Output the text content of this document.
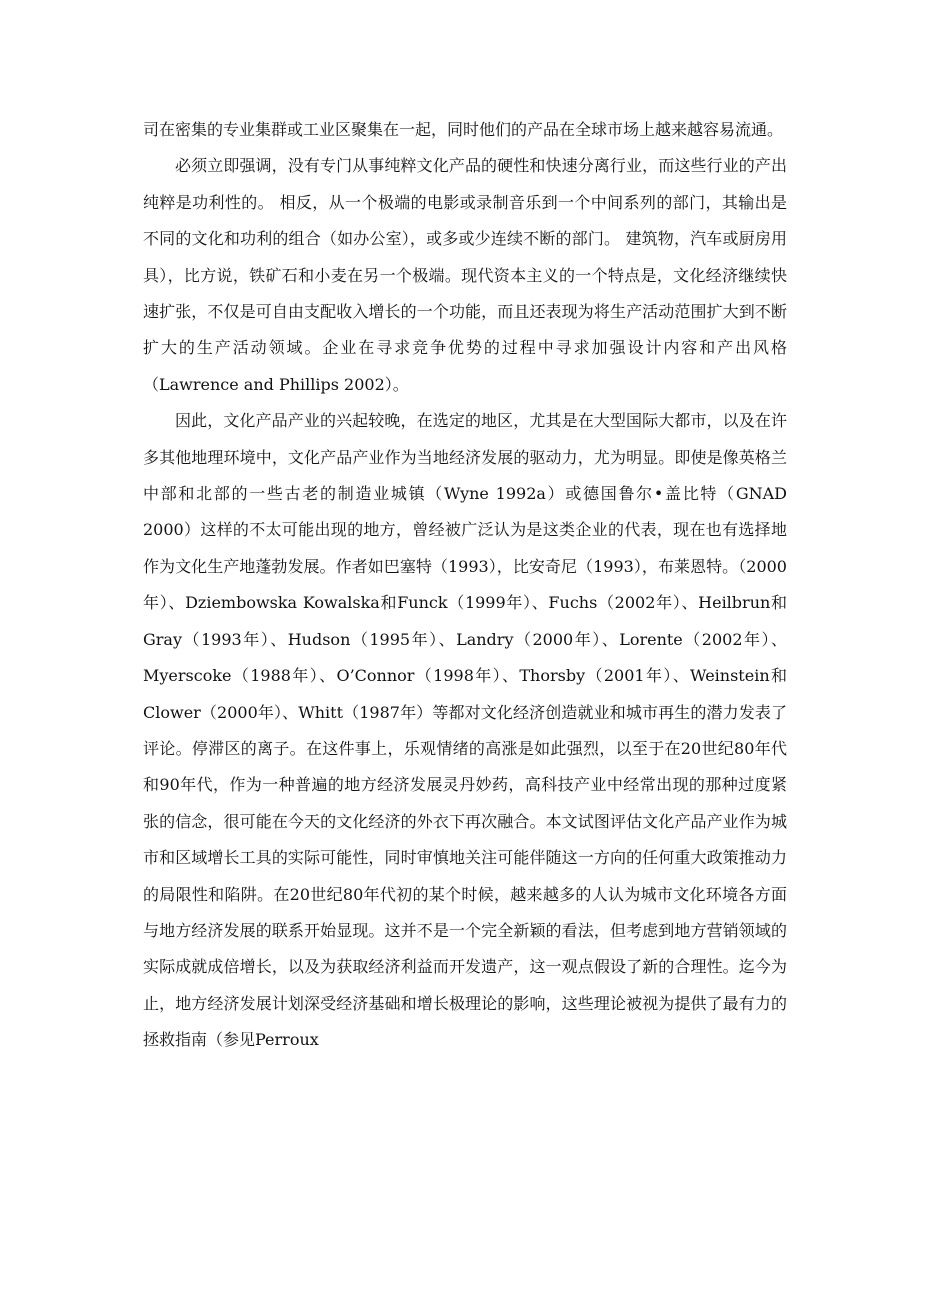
司在密集的专业集群或工业区聚集在一起，同时他们的产品在全球市场上越来越容易流通。

必须立即强调，没有专门从事纯粹文化产品的硬性和快速分离行业，而这些行业的产出纯粹是功利性的。 相反，从一个极端的电影或录制音乐到一个中间系列的部门，其输出是不同的文化和功利的组合（如办公室），或多或少连续不断的部门。 建筑物，汽车或厨房用具），比方说，铁矿石和小麦在另一个极端。现代资本主义的一个特点是，文化经济继续快速扩张，不仅是可自由支配收入增长的一个功能，而且还表现为将生产活动范围扩大到不断扩大的生产活动领域。企业在寻求竞争优势的过程中寻求加强设计内容和产出风格（Lawrence and Phillips 2002）。

因此，文化产品产业的兴起较晚，在选定的地区，尤其是在大型国际大都市，以及在许多其他地理环境中，文化产品产业作为当地经济发展的驱动力，尤为明显。即使是像英格兰中部和北部的一些古老的制造业城镇（Wyne 1992a）或德国鲁尔•盖比特（GNAD 2000）这样的不太可能出现的地方，曾经被广泛认为是这类企业的代表，现在也有选择地作为文化生产地蓬勃发展。作者如巴塞特（1993），比安奇尼（1993），布莱恩特。（2000年）、Dziembowska Kowalska和Funck（1999年）、Fuchs（2002年）、Heilbrun和Gray（1993年）、Hudson（1995年）、Landry（2000年）、Lorente（2002年）、Myerscoke（1988年）、O’Connor（1998年）、Thorsby（2001年）、Weinstein和Clower（2000年）、Whitt（1987年）等都对文化经济创造就业和城市再生的潜力发表了评论。停滞区的离子。在这件事上，乐观情绪的高涨是如此强烈，以至于在20世纪80年代和90年代，作为一种普遍的地方经济发展灵丹妙药，高科技产业中经常出现的那种过度紧张的信念，很可能在今天的文化经济的外衣下再次融合。本文试图评估文化产品产业作为城市和区域增长工具的实际可能性，同时审慎地关注可能伴随这一方向的任何重大政策推动力的局限性和陷阱。在20世纪80年代初的某个时候，越来越多的人认为城市文化环境各方面与地方经济发展的联系开始显现。这并不是一个完全新颖的看法，但考虑到地方营销领域的实际成就成倍增长，以及为获取经济利益而开发遗产，这一观点假设了新的合理性。迄今为止，地方经济发展计划深受经济基础和增长极理论的影响，这些理论被视为提供了最有力的拯救指南（参见Perroux
